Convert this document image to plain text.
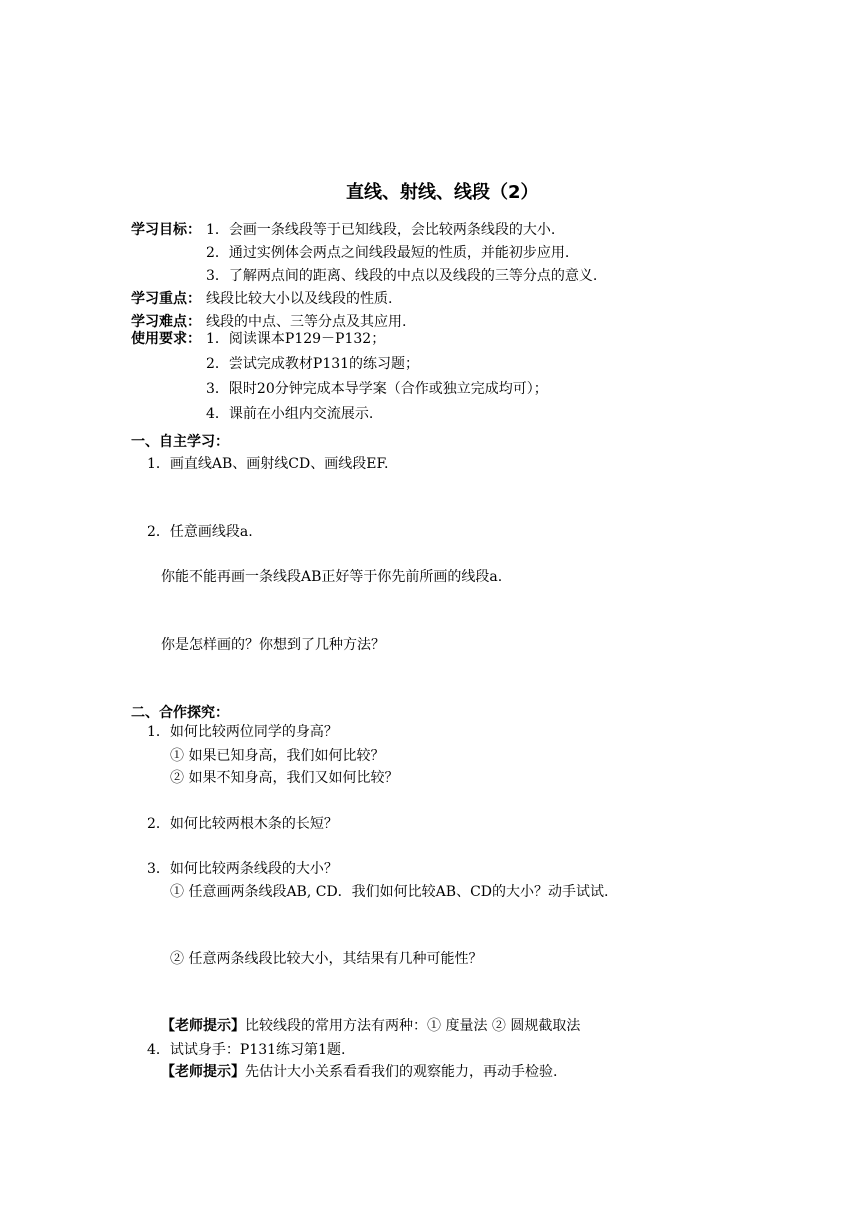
直线、射线、线段（2）
学习目标： 1．会画一条线段等于已知线段，会比较两条线段的大小.
2．通过实例体会两点之间线段最短的性质，并能初步应用.
3．了解两点间的距离、线段的中点以及线段的三等分点的意义.
学习重点： 线段比较大小以及线段的性质.
学习难点： 线段的中点、三等分点及其应用.
使用要求： 1．阅读课本P129－P132；
2．尝试完成教材P131的练习题；
3．限时20分钟完成本导学案（合作或独立完成均可）；
4．课前在小组内交流展示.
一、自主学习：
1．画直线AB、画射线CD、画线段EF.
2．任意画线段a.
你能不能再画一条线段AB正好等于你先前所画的线段a.
你是怎样画的？你想到了几种方法？
二、合作探究：
1．如何比较两位同学的身高？
① 如果已知身高，我们如何比较？
② 如果不知身高，我们又如何比较？
2．如何比较两根木条的长短？
3．如何比较两条线段的大小？
① 任意画两条线段AB, CD．我们如何比较AB、CD的大小？动手试试.
② 任意两条线段比较大小，其结果有几种可能性？
【老师提示】比较线段的常用方法有两种：① 度量法 ② 圆规截取法
4．试试身手：P131练习第1题.
【老师提示】先估计大小关系看看我们的观察能力，再动手检验.
